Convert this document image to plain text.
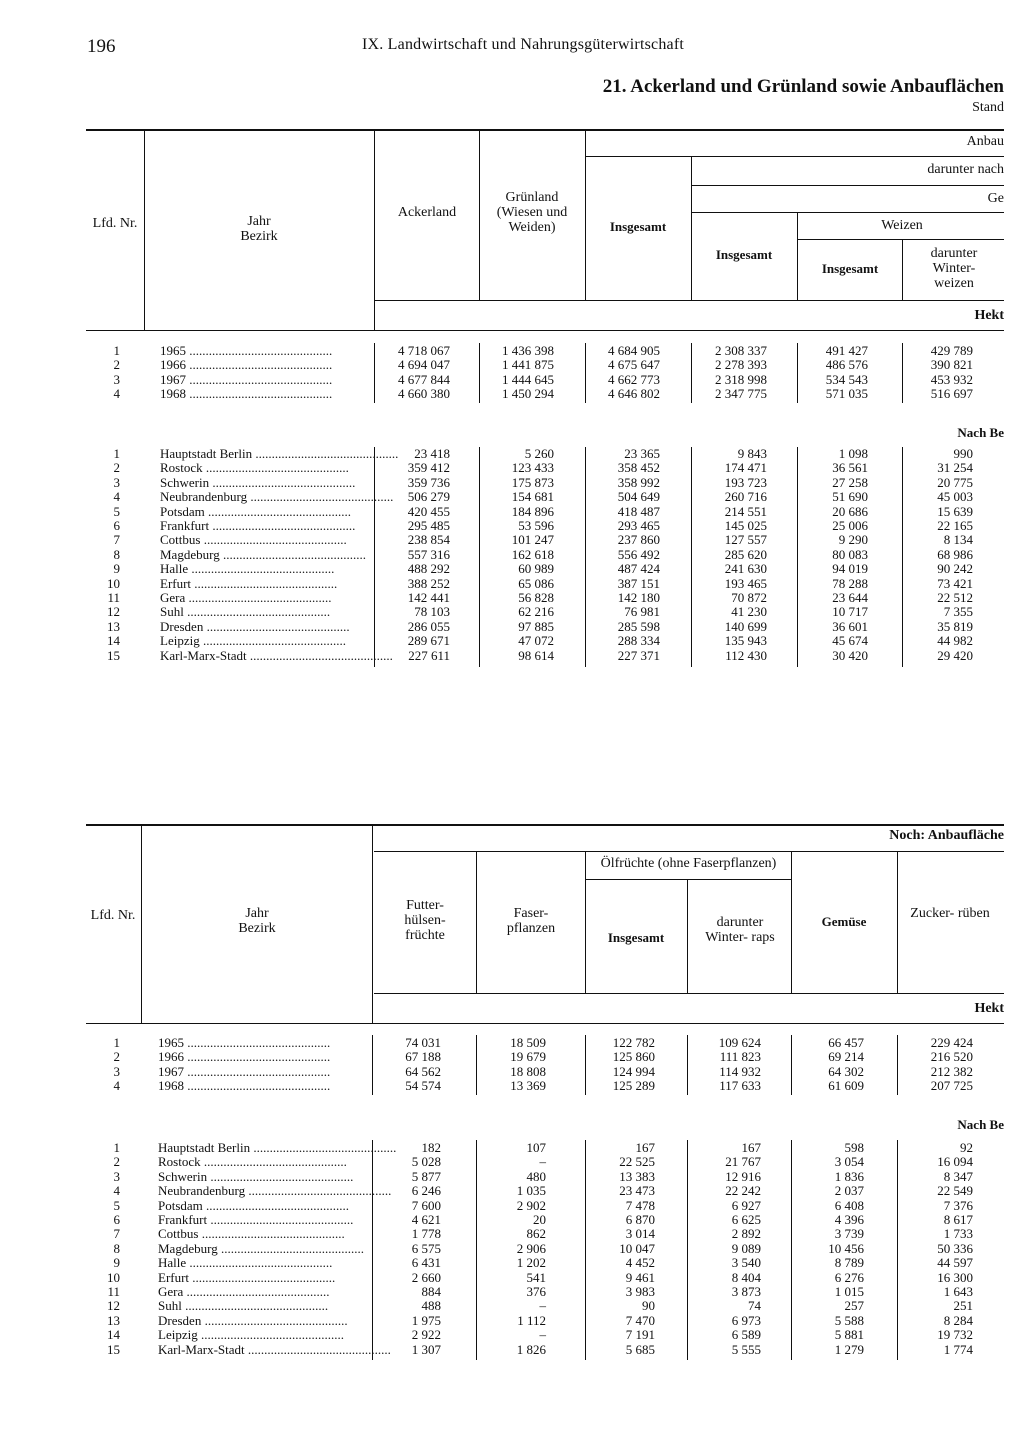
196	IX. Landwirtschaft und Nahrungsgüterwirtschaft
21. Ackerland und Grünland sowie Anbauflächen
Stand
Lfd. Nr.	Jahr Bezirk
Ackerland
Grünland (Wiesen und Weiden)
Anbau
darunter nach
Ge
Insgesamt
Insgesamt
Weizen
Insgesamt
darunter Winter- weizen
Hekt
Nach Be
1	1965 ............................................	4 718 067	1 436 398	4 684 905	2 308 337	491 427	429 789
2	1966 ............................................	4 694 047	1 441 875	4 675 647	2 278 393	486 576	390 821
3	1967 ............................................	4 677 844	1 444 645	4 662 773	2 318 998	534 543	453 932
4	1968 ............................................	4 660 380	1 450 294	4 646 802	2 347 775	571 035	516 697
1	Hauptstadt Berlin ............................................ 23 418	5 260	23 365	9 843	1 098	990
2	Rostock ............................................	359 412	123 433	358 452	174 471	36 561	31 254
3	Schwerin ............................................	359 736	175 873	358 992	193 723	27 258	20 775
4	Neubrandenburg ............................................ 506 279	154 681	504 649	260 716	51 690	45 003
5	Potsdam ............................................	420 455	184 896	418 487	214 551	20 686	15 639
6	Frankfurt ............................................	295 485	53 596	293 465	145 025	25 006	22 165
7	Cottbus ............................................	238 854	101 247	237 860	127 557	9 290	8 134
8	Magdeburg ............................................	557 316	162 618	556 492	285 620	80 083	68 986
9	Halle ............................................	488 292	60 989	487 424	241 630	94 019	90 242
10	Erfurt ............................................	388 252	65 086	387 151	193 465	78 288	73 421
11	Gera ............................................	142 441	56 828	142 180	70 872	23 644	22 512
12	Suhl ............................................	78 103	62 216	76 981	41 230	10 717	7 355
13	Dresden ............................................	286 055	97 885	285 598	140 699	36 601	35 819
14	Leipzig ............................................	289 671	47 072	288 334	135 943	45 674	44 982
15	Karl-Marx-Stadt ............................................ 227 611	98 614	227 371	112 430	30 420	29 420
Lfd. Nr.	Jahr Bezirk
Noch: Anbaufläche
Futter- hülsen- früchte
Faser- pflanzen
Ölfrüchte (ohne Faserpflanzen)
Insgesamt
darunter Winter- raps
Gemüse
Zucker- rüben
Hekt
Nach Be
1	1965 ............................................	74 031	18 509	122 782	109 624	66 457	229 424
2	1966 ............................................	67 188	19 679	125 860	111 823	69 214	216 520
3	1967 ............................................	64 562	18 808	124 994	114 932	64 302	212 382
4	1968 ............................................	54 574	13 369	125 289	117 633	61 609	207 725
1	Hauptstadt Berlin ............................................ 182	107	167	167	598	92
2	Rostock ............................................	5 028	–	22 525	21 767	3 054	16 094
3	Schwerin ............................................	5 877	480	13 383	12 916	1 836	8 347
4	Neubrandenburg ............................................ 6 246	1 035	23 473	22 242	2 037	22 549
5	Potsdam ............................................	7 600	2 902	7 478	6 927	6 408	7 376
6	Frankfurt ............................................	4 621	20	6 870	6 625	4 396	8 617
7	Cottbus ............................................	1 778	862	3 014	2 892	3 739	1 733
8	Magdeburg ............................................	6 575	2 906	10 047	9 089	10 456	50 336
9	Halle ............................................	6 431	1 202	4 452	3 540	8 789	44 597
10	Erfurt ............................................	2 660	541	9 461	8 404	6 276	16 300
11	Gera ............................................	884	376	3 983	3 873	1 015	1 643
12	Suhl ............................................	488	–	90	74	257	251
13	Dresden ............................................	1 975	1 112	7 470	6 973	5 588	8 284
14	Leipzig ............................................	2 922	–	7 191	6 589	5 881	19 732
15	Karl-Marx-Stadt ............................................ 1 307	1 826	5 685	5 555	1 279	1 774
